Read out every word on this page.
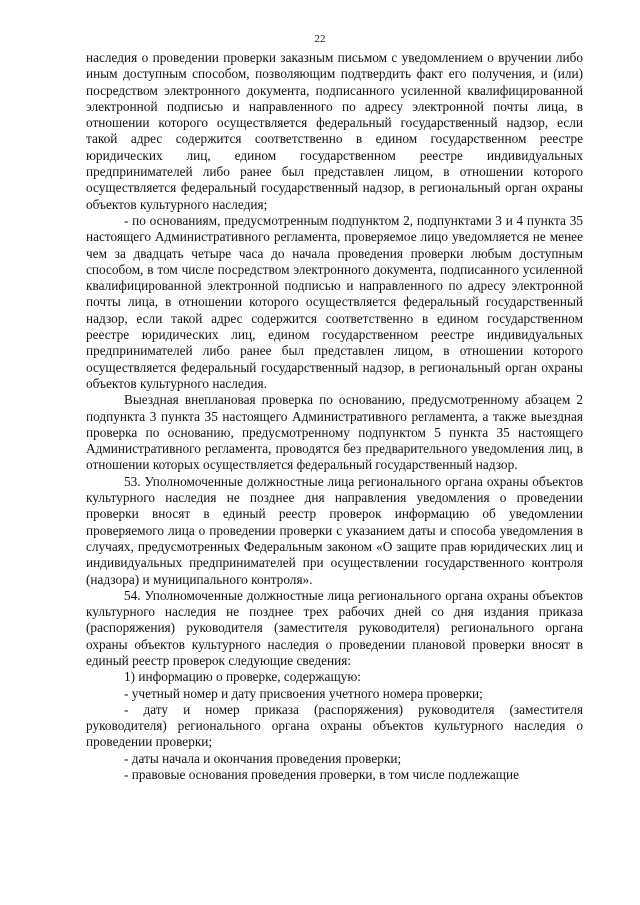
22

наследия о проведении проверки заказным письмом с уведомлением о вручении либо иным доступным способом, позволяющим подтвердить факт его получения, и (или) посредством электронного документа, подписанного усиленной квалифицированной электронной подписью и направленного по адресу электронной почты лица, в отношении которого осуществляется федеральный государственный надзор, если такой адрес содержится соответственно в едином государственном реестре юридических лиц, едином государственном реестре индивидуальных предпринимателей либо ранее был представлен лицом, в отношении которого осуществляется федеральный государственный надзор, в региональный орган охраны объектов культурного наследия;

- по основаниям, предусмотренным подпунктом 2, подпунктами 3 и 4 пункта 35 настоящего Административного регламента, проверяемое лицо уведомляется не менее чем за двадцать четыре часа до начала проведения проверки любым доступным способом, в том числе посредством электронного документа, подписанного усиленной квалифицированной электронной подписью и направленного по адресу электронной почты лица, в отношении которого осуществляется федеральный государственный надзор, если такой адрес содержится соответственно в едином государственном реестре юридических лиц, едином государственном реестре индивидуальных предпринимателей либо ранее был представлен лицом, в отношении которого осуществляется федеральный государственный надзор, в региональный орган охраны объектов культурного наследия.

Выездная внеплановая проверка по основанию, предусмотренному абзацем 2 подпункта 3 пункта 35 настоящего Административного регламента, а также выездная проверка по основанию, предусмотренному подпунктом 5 пункта 35 настоящего Административного регламента, проводятся без предварительного уведомления лиц, в отношении которых осуществляется федеральный государственный надзор.

53. Уполномоченные должностные лица регионального органа охраны объектов культурного наследия не позднее дня направления уведомления о проведении проверки вносят в единый реестр проверок информацию об уведомлении проверяемого лица о проведении проверки с указанием даты и способа уведомления в случаях, предусмотренных Федеральным законом «О защите прав юридических лиц и индивидуальных предпринимателей при осуществлении государственного контроля (надзора) и муниципального контроля».

54. Уполномоченные должностные лица регионального органа охраны объектов культурного наследия не позднее трех рабочих дней со дня издания приказа (распоряжения) руководителя (заместителя руководителя) регионального органа охраны объектов культурного наследия о проведении плановой проверки вносят в единый реестр проверок следующие сведения:

1) информацию о проверке, содержащую:

- учетный номер и дату присвоения учетного номера проверки;

- дату и номер приказа (распоряжения) руководителя (заместителя руководителя) регионального органа охраны объектов культурного наследия о проведении проверки;

- даты начала и окончания проведения проверки;

- правовые основания проведения проверки, в том числе подлежащие
